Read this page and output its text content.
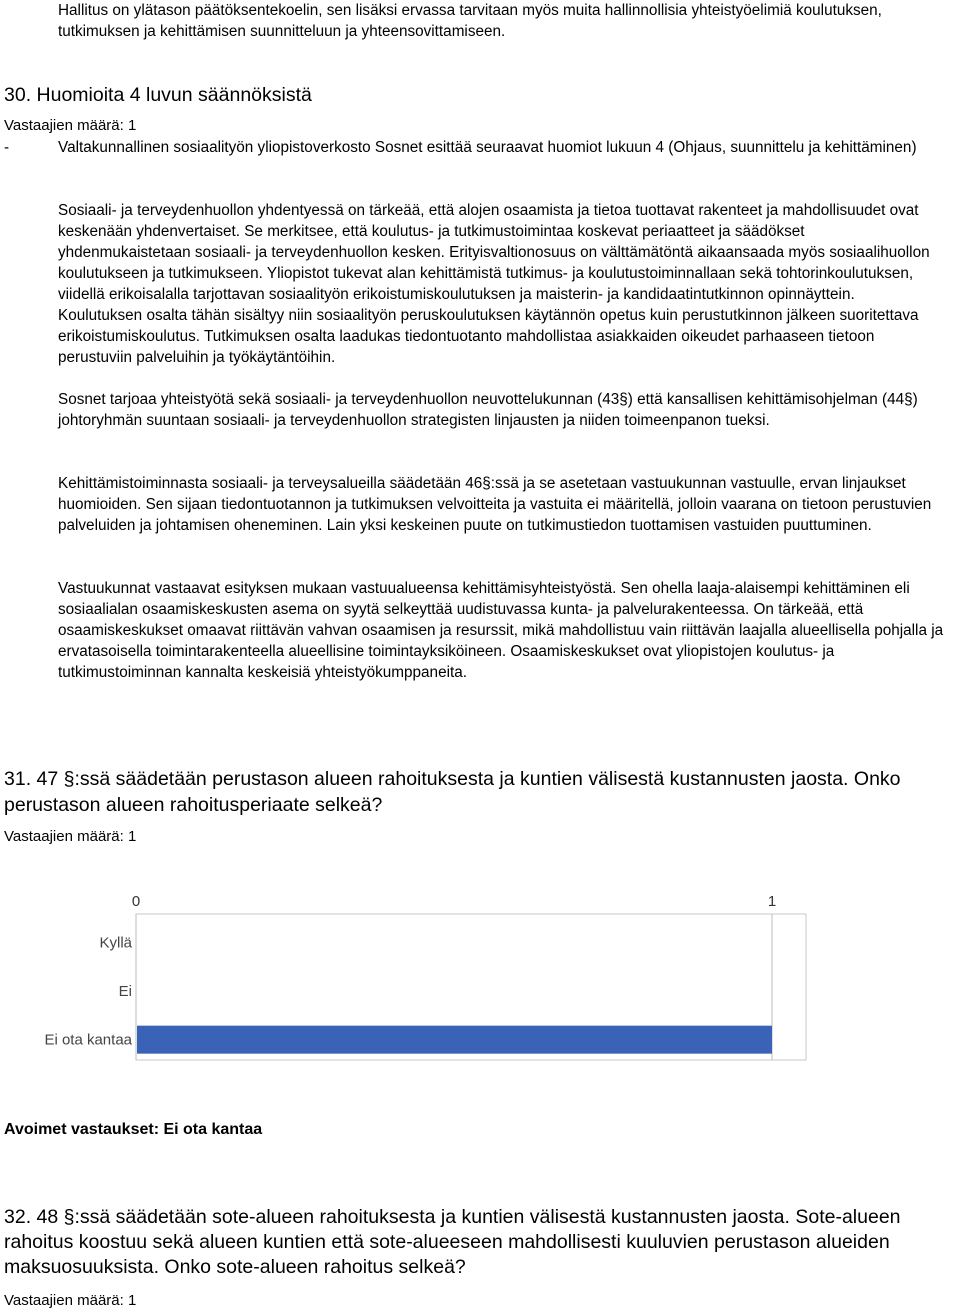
Hallitus on ylätason päätöksentekoelin, sen lisäksi ervassa tarvitaan myös muita hallinnollisia yhteistyöelimiä koulutuksen, tutkimuksen ja kehittämisen suunnitteluun ja yhteensovittamiseen.

30. Huomioita 4 luvun säännöksistä

Vastaajien määrä: 1

-	Valtakunnallinen sosiaalityön yliopistoverkosto Sosnet esittää seuraavat huomiot lukuun 4 (Ohjaus, suunnittelu ja kehittäminen)

Sosiaali- ja terveydenhuollon yhdentyessä on tärkeää, että alojen osaamista ja tietoa tuottavat rakenteet ja mahdollisuudet ovat keskenään yhdenvertaiset. Se merkitsee, että koulutus- ja tutkimustoimintaa koskevat periaatteet ja säädökset yhdenmukaistetaan sosiaali- ja terveydenhuollon kesken. Erityisvaltionosuus on välttämätöntä aikaansaada myös sosiaalihuollon koulutukseen ja tutkimukseen. Yliopistot tukevat alan kehittämistä tutkimus- ja koulutustoiminnallaan sekä tohtorinkoulutuksen, viidellä erikoisalalla tarjottavan sosiaalityön erikoistumiskoulutuksen ja maisterin- ja kandidaatintutkinnon opinnäyttein. Koulutuksen osalta tähän sisältyy niin sosiaalityön peruskoulutuksen käytännön opetus kuin perustutkinnon jälkeen suoritettava erikoistumiskoulutus. Tutkimuksen osalta laadukas tiedontuotanto mahdollistaa asiakkaiden oikeudet parhaaseen tietoon perustuviin palveluihin ja työkäytäntöihin.

Sosnet tarjoaa yhteistyötä sekä sosiaali- ja terveydenhuollon neuvottelukunnan (43§) että kansallisen kehittämisohjelman (44§) johtoryhmän suuntaan sosiaali- ja terveydenhuollon strategisten linjausten ja niiden toimeenpanon tueksi.

Kehittämistoiminnasta sosiaali- ja terveysalueilla säädetään 46§:ssä ja se asetetaan vastuukunnan vastuulle, ervan linjaukset huomioiden. Sen sijaan tiedontuotannon ja tutkimuksen velvoitteita ja vastuita ei määritellä, jolloin vaarana on tietoon perustuvien palveluiden ja johtamisen oheneminen. Lain yksi keskeinen puute on tutkimustiedon tuottamisen vastuiden puuttuminen.

Vastuukunnat vastaavat esityksen mukaan vastuualueensa kehittämisyhteistyöstä. Sen ohella laaja-alaisempi kehittäminen eli sosiaalialan osaamiskeskusten asema on syytä selkeyttää uudistuvassa kunta- ja palvelurakenteessa. On tärkeää, että osaamiskeskukset omaavat riittävän vahvan osaamisen ja resurssit, mikä mahdollistuu vain riittävän laajalla alueellisella pohjalla ja ervatasoisella toimintarakenteella alueellisine toimintayksiköineen. Osaamiskeskukset ovat yliopistojen koulutus- ja tutkimustoiminnan kannalta keskeisiä yhteistyökumppaneita.

31. 47 §:ssä säädetään perustason alueen rahoituksesta ja kuntien välisestä kustannusten jaosta. Onko perustason alueen rahoitusperiaate selkeä?

Vastaajien määrä: 1

0	1
Kyllä
Ei
Ei ota kantaa

Avoimet vastaukset: Ei ota kantaa

32. 48 §:ssä säädetään sote-alueen rahoituksesta ja kuntien välisestä kustannusten jaosta. Sote-alueen rahoitus koostuu sekä alueen kuntien että sote-alueeseen mahdollisesti kuuluvien perustason alueiden maksuosuuksista. Onko sote-alueen rahoitus selkeä?

Vastaajien määrä: 1
